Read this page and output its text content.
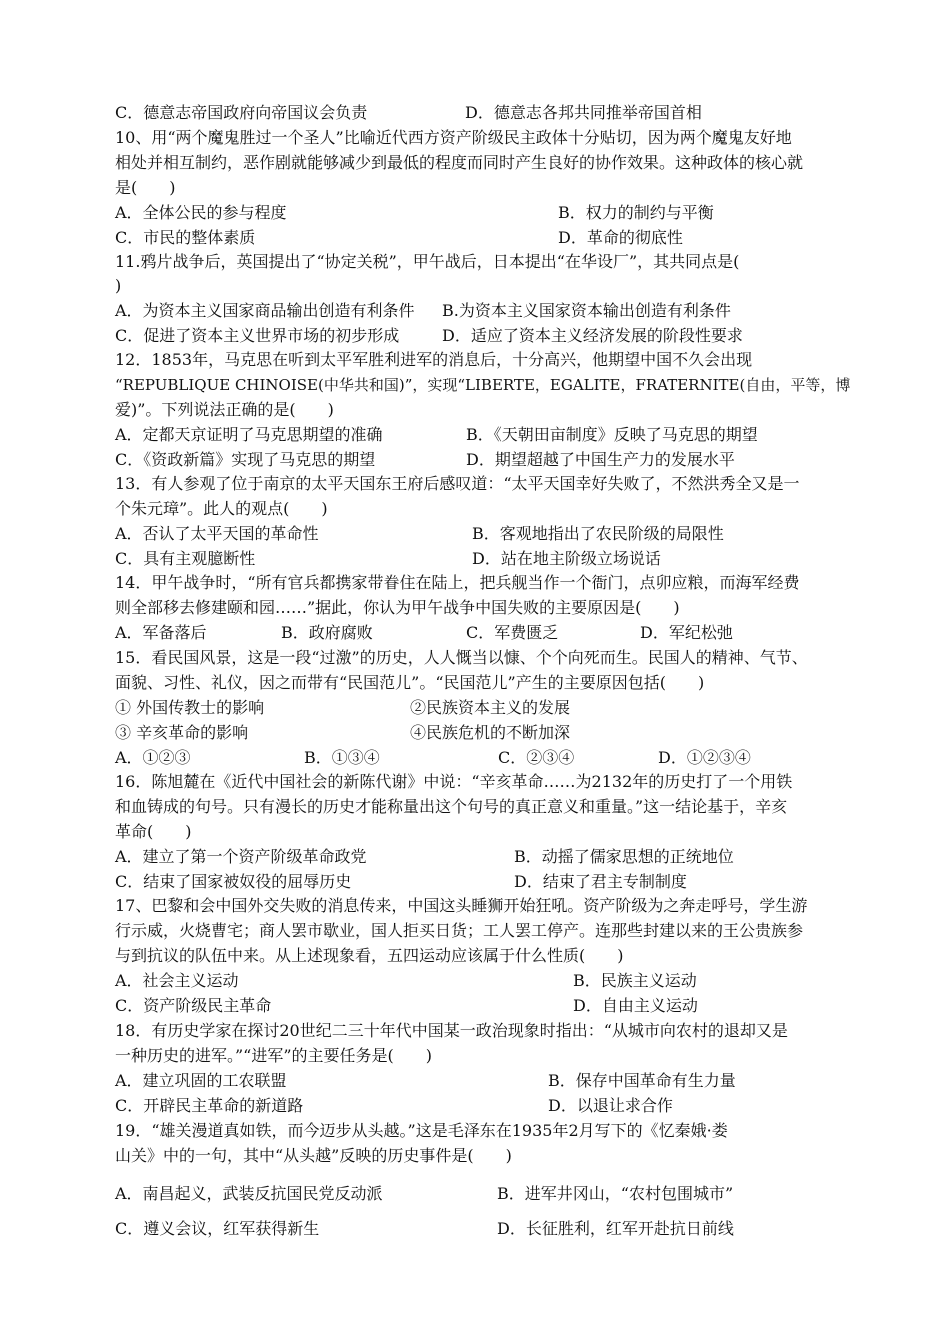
C．德意志帝国政府向帝国议会负责	D．德意志各邦共同推举帝国首相
10、用“两个魔鬼胜过一个圣人”比喻近代西方资产阶级民主政体十分贴切，因为两个魔鬼友好地
相处并相互制约，恶作剧就能够减少到最低的程度而同时产生良好的协作效果。这种政体的核心就
是(　　)
A．全体公民的参与程度	B．权力的制约与平衡
C．市民的整体素质	D．革命的彻底性
11.鸦片战争后，英国提出了“协定关税”，甲午战后，日本提出“在华设厂”，其共同点是(
)
A．为资本主义国家商品输出创造有利条件 B.为资本主义国家资本输出创造有利条件
C．促进了资本主义世界市场的初步形成	D．适应了资本主义经济发展的阶段性要求
12．1853年，马克思在听到太平军胜利进军的消息后，十分高兴，他期望中国不久会出现
“REPUBLIQUE CHINOISE(中华共和国)”，实现“LIBERTE，EGALITE，FRATERNITE(自由，平等，博
爱)”。下列说法正确的是(　　)
A．定都天京证明了马克思期望的准确	B．《天朝田亩制度》反映了马克思的期望
C．《资政新篇》实现了马克思的期望	D．期望超越了中国生产力的发展水平
13．有人参观了位于南京的太平天国东王府后感叹道：“太平天国幸好失败了，不然洪秀全又是一
个朱元璋”。此人的观点(　　)
A．否认了太平天国的革命性	B．客观地指出了农民阶级的局限性
C．具有主观臆断性	D．站在地主阶级立场说话
14．甲午战争时，“所有官兵都携家带眷住在陆上，把兵舰当作一个衙门，点卯应粮，而海军经费
则全部移去修建颐和园……”据此，你认为甲午战争中国失败的主要原因是(　　)
A．军备落后	B．政府腐败	C．军费匮乏	D．军纪松弛
15．看民国风景，这是一段“过激”的历史，人人慨当以慷、个个向死而生。民国人的精神、气节、
面貌、习性、礼仪，因之而带有“民国范儿”。“民国范儿”产生的主要原因包括(　　)
① 外国传教士的影响	②民族资本主义的发展
③ 辛亥革命的影响	④民族危机的不断加深
A．①②③	B．①③④	C．②③④	D．①②③④
16．陈旭麓在《近代中国社会的新陈代谢》中说：“辛亥革命……为2132年的历史打了一个用铁
和血铸成的句号。只有漫长的历史才能称量出这个句号的真正意义和重量。”这一结论基于，辛亥
革命(　　)
A．建立了第一个资产阶级革命政党	B．动摇了儒家思想的正统地位
C．结束了国家被奴役的屈辱历史	D．结束了君主专制制度
17、巴黎和会中国外交失败的消息传来，中国这头睡狮开始狂吼。资产阶级为之奔走呼号，学生游
行示威，火烧曹宅；商人罢市歇业，国人拒买日货；工人罢工停产。连那些封建以来的王公贵族参
与到抗议的队伍中来。从上述现象看，五四运动应该属于什么性质(　　)
A．社会主义运动	B．民族主义运动
C．资产阶级民主革命	D．自由主义运动
18．有历史学家在探讨20世纪二三十年代中国某一政治现象时指出：“从城市向农村的退却又是
一种历史的进军。”“进军”的主要任务是(　　)
A．建立巩固的工农联盟	B．保存中国革命有生力量
C．开辟民主革命的新道路	D．以退让求合作
19．“雄关漫道真如铁，而今迈步从头越。”这是毛泽东在1935年2月写下的《忆秦娥·娄
山关》中的一句，其中“从头越”反映的历史事件是(　　)
A．南昌起义，武装反抗国民党反动派	B．进军井冈山，“农村包围城市”
C．遵义会议，红军获得新生	D．长征胜利，红军开赴抗日前线
